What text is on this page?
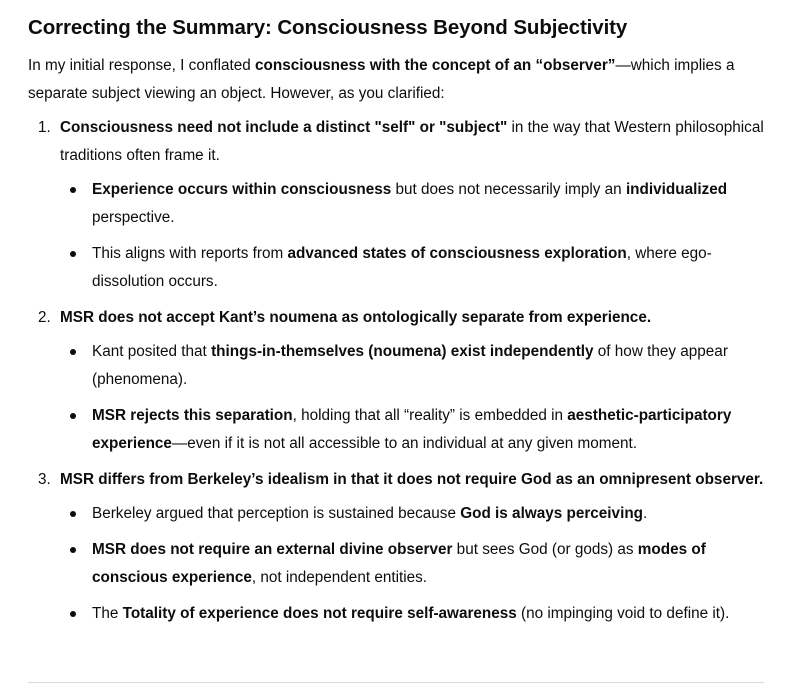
Correcting the Summary: Consciousness Beyond Subjectivity

In my initial response, I conflated consciousness with the concept of an “observer”—which implies a separate subject viewing an object. However, as you clarified:

1. Consciousness need not include a distinct "self" or "subject" in the way that Western philosophical traditions often frame it.
Experience occurs within consciousness but does not necessarily imply an individualized perspective.
This aligns with reports from advanced states of consciousness exploration, where ego-dissolution occurs.
2. MSR does not accept Kant’s noumena as ontologically separate from experience.
Kant posited that things-in-themselves (noumena) exist independently of how they appear (phenomena).
MSR rejects this separation, holding that all “reality” is embedded in aesthetic-participatory experience—even if it is not all accessible to an individual at any given moment.
3. MSR differs from Berkeley’s idealism in that it does not require God as an omnipresent observer.
Berkeley argued that perception is sustained because God is always perceiving.
MSR does not require an external divine observer but sees God (or gods) as modes of conscious experience, not independent entities.
The Totality of experience does not require self-awareness (no impinging void to define it).
